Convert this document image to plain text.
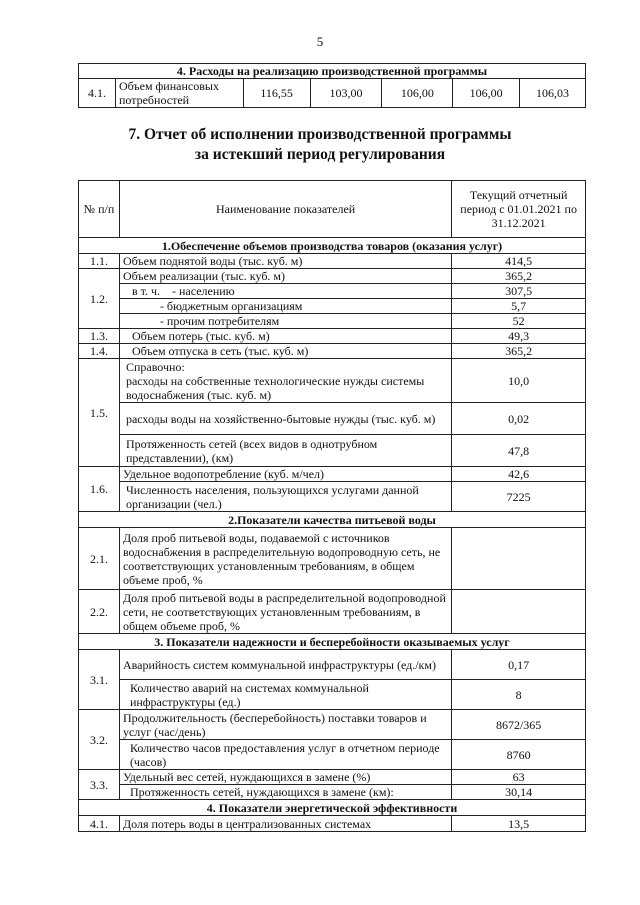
5
4. Расходы на реализацию производственной программы
4.1.	Объем финансовых потребностей	116,55	103,00	106,00	106,00	106,03
7. Отчет об исполнении производственной программы
за истекший период регулирования
№ п/п	Наименование показателей	Текущий отчетный период с 01.01.2021 по 31.12.2021
1.Обеспечение объемов производства товаров (оказания услуг)		
1.1.	Объем поднятой воды (тыс. куб. м)	414,5
1.2.	Объем реализации (тыс. куб. м)	365,2
	в т. ч.    - населению	307,5
	- бюджетным организациям	5,7
	- прочим потребителям	52
1.3.	Объем потерь (тыс. куб. м)	49,3
1.4.	Объем отпуска в сеть (тыс. куб. м)	365,2
1.5.	Справочно:
расходы на собственные технологические нужды системы водоснабжения (тыс. куб. м)	10,0
	расходы воды на хозяйственно-бытовые нужды (тыс. куб. м)	0,02
	Протяженность сетей (всех видов в однотрубном представлении), (км)	47,8
1.6.	Удельное водопотребление (куб. м/чел)	42,6
	Численность населения, пользующихся услугами данной организации (чел.)	7225
2.Показатели качества питьевой воды		
2.1.	Доля проб питьевой воды, подаваемой с источников водоснабжения в распределительную водопроводную сеть, не соответствующих установленным требованиям, в общем объеме проб, %	
2.2.	Доля проб питьевой воды в распределительной водопроводной сети, не соответствующих установленным требованиям, в общем объеме проб, %	
3. Показатели надежности и бесперебойности оказываемых услуг		
3.1.	Аварийность систем коммунальной инфраструктуры (ед./км)	0,17
	Количество аварий на системах коммунальной инфраструктуры (ед.)	8
3.2.	Продолжительность (бесперебойность) поставки товаров и услуг (час/день)	8672/365
	Количество часов предоставления услуг в отчетном периоде (часов)	8760
3.3.	Удельный вес сетей, нуждающихся в замене (%)	63
	Протяженность сетей, нуждающихся в замене (км):	30,14
4. Показатели энергетической эффективности		
4.1.	Доля потерь воды в централизованных системах	13,5
